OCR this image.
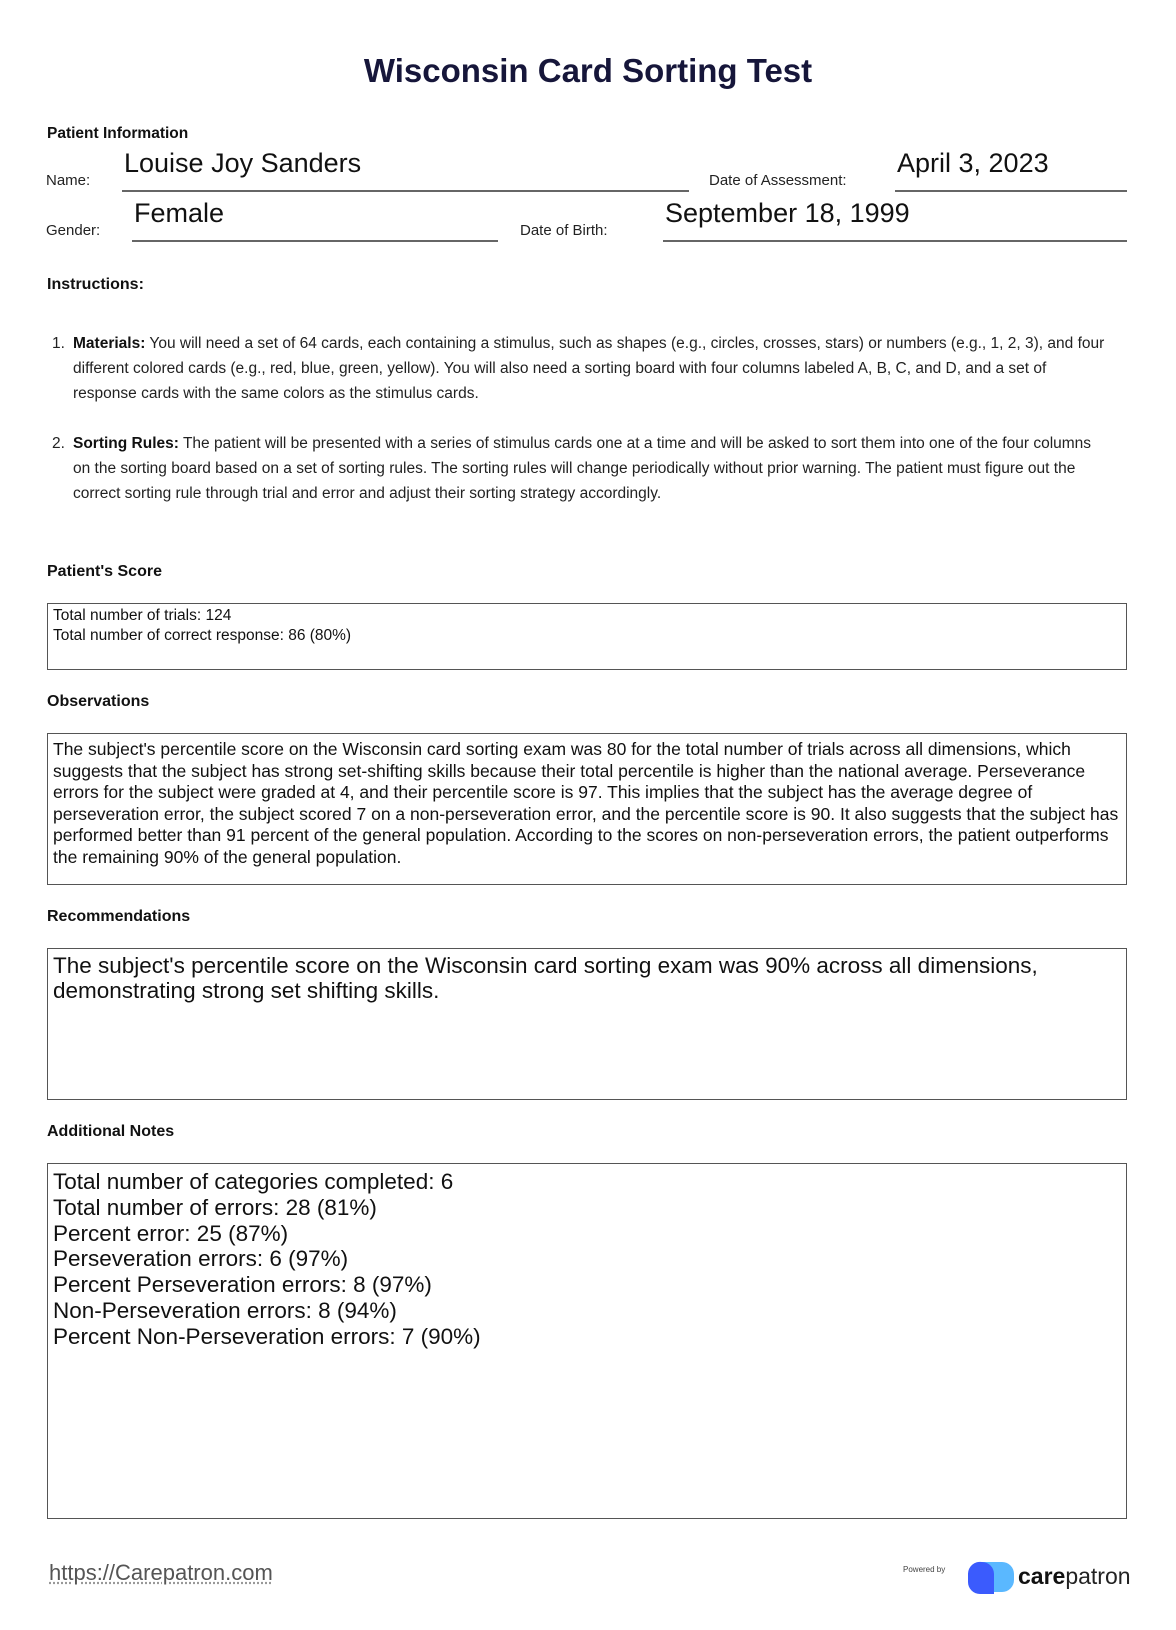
Wisconsin Card Sorting Test
Patient Information
Name:
Louise Joy Sanders
Date of Assessment:
April 3, 2023
Gender:
Female
Date of Birth:
September 18, 1999
Instructions:
1. Materials: You will need a set of 64 cards, each containing a stimulus, such as shapes (e.g., circles, crosses, stars) or numbers (e.g., 1, 2, 3), and four different colored cards (e.g., red, blue, green, yellow). You will also need a sorting board with four columns labeled A, B, C, and D, and a set of response cards with the same colors as the stimulus cards.
2. Sorting Rules: The patient will be presented with a series of stimulus cards one at a time and will be asked to sort them into one of the four columns on the sorting board based on a set of sorting rules. The sorting rules will change periodically without prior warning. The patient must figure out the correct sorting rule through trial and error and adjust their sorting strategy accordingly.
Patient's Score
Total number of trials: 124
Total number of correct response: 86 (80%)
Observations
The subject's percentile score on the Wisconsin card sorting exam was 80 for the total number of trials across all dimensions, which suggests that the subject has strong set-shifting skills because their total percentile is higher than the national average. Perseverance errors for the subject were graded at 4, and their percentile score is 97. This implies that the subject has the average degree of perseveration error, the subject scored 7 on a non-perseveration error, and the percentile score is 90. It also suggests that the subject has performed better than 91 percent of the general population. According to the scores on non-perseveration errors, the patient outperforms the remaining 90% of the general population.
Recommendations
The subject's percentile score on the Wisconsin card sorting exam was 90% across all dimensions, demonstrating strong set shifting skills.
Additional Notes
Total number of categories completed: 6
Total number of errors: 28 (81%)
Percent error: 25 (87%)
Perseveration errors: 6 (97%)
Percent Perseveration errors: 8 (97%)
Non-Perseveration errors: 8 (94%)
Percent Non-Perseveration errors: 7 (90%)
https://Carepatron.com	Powered by	carepatron
